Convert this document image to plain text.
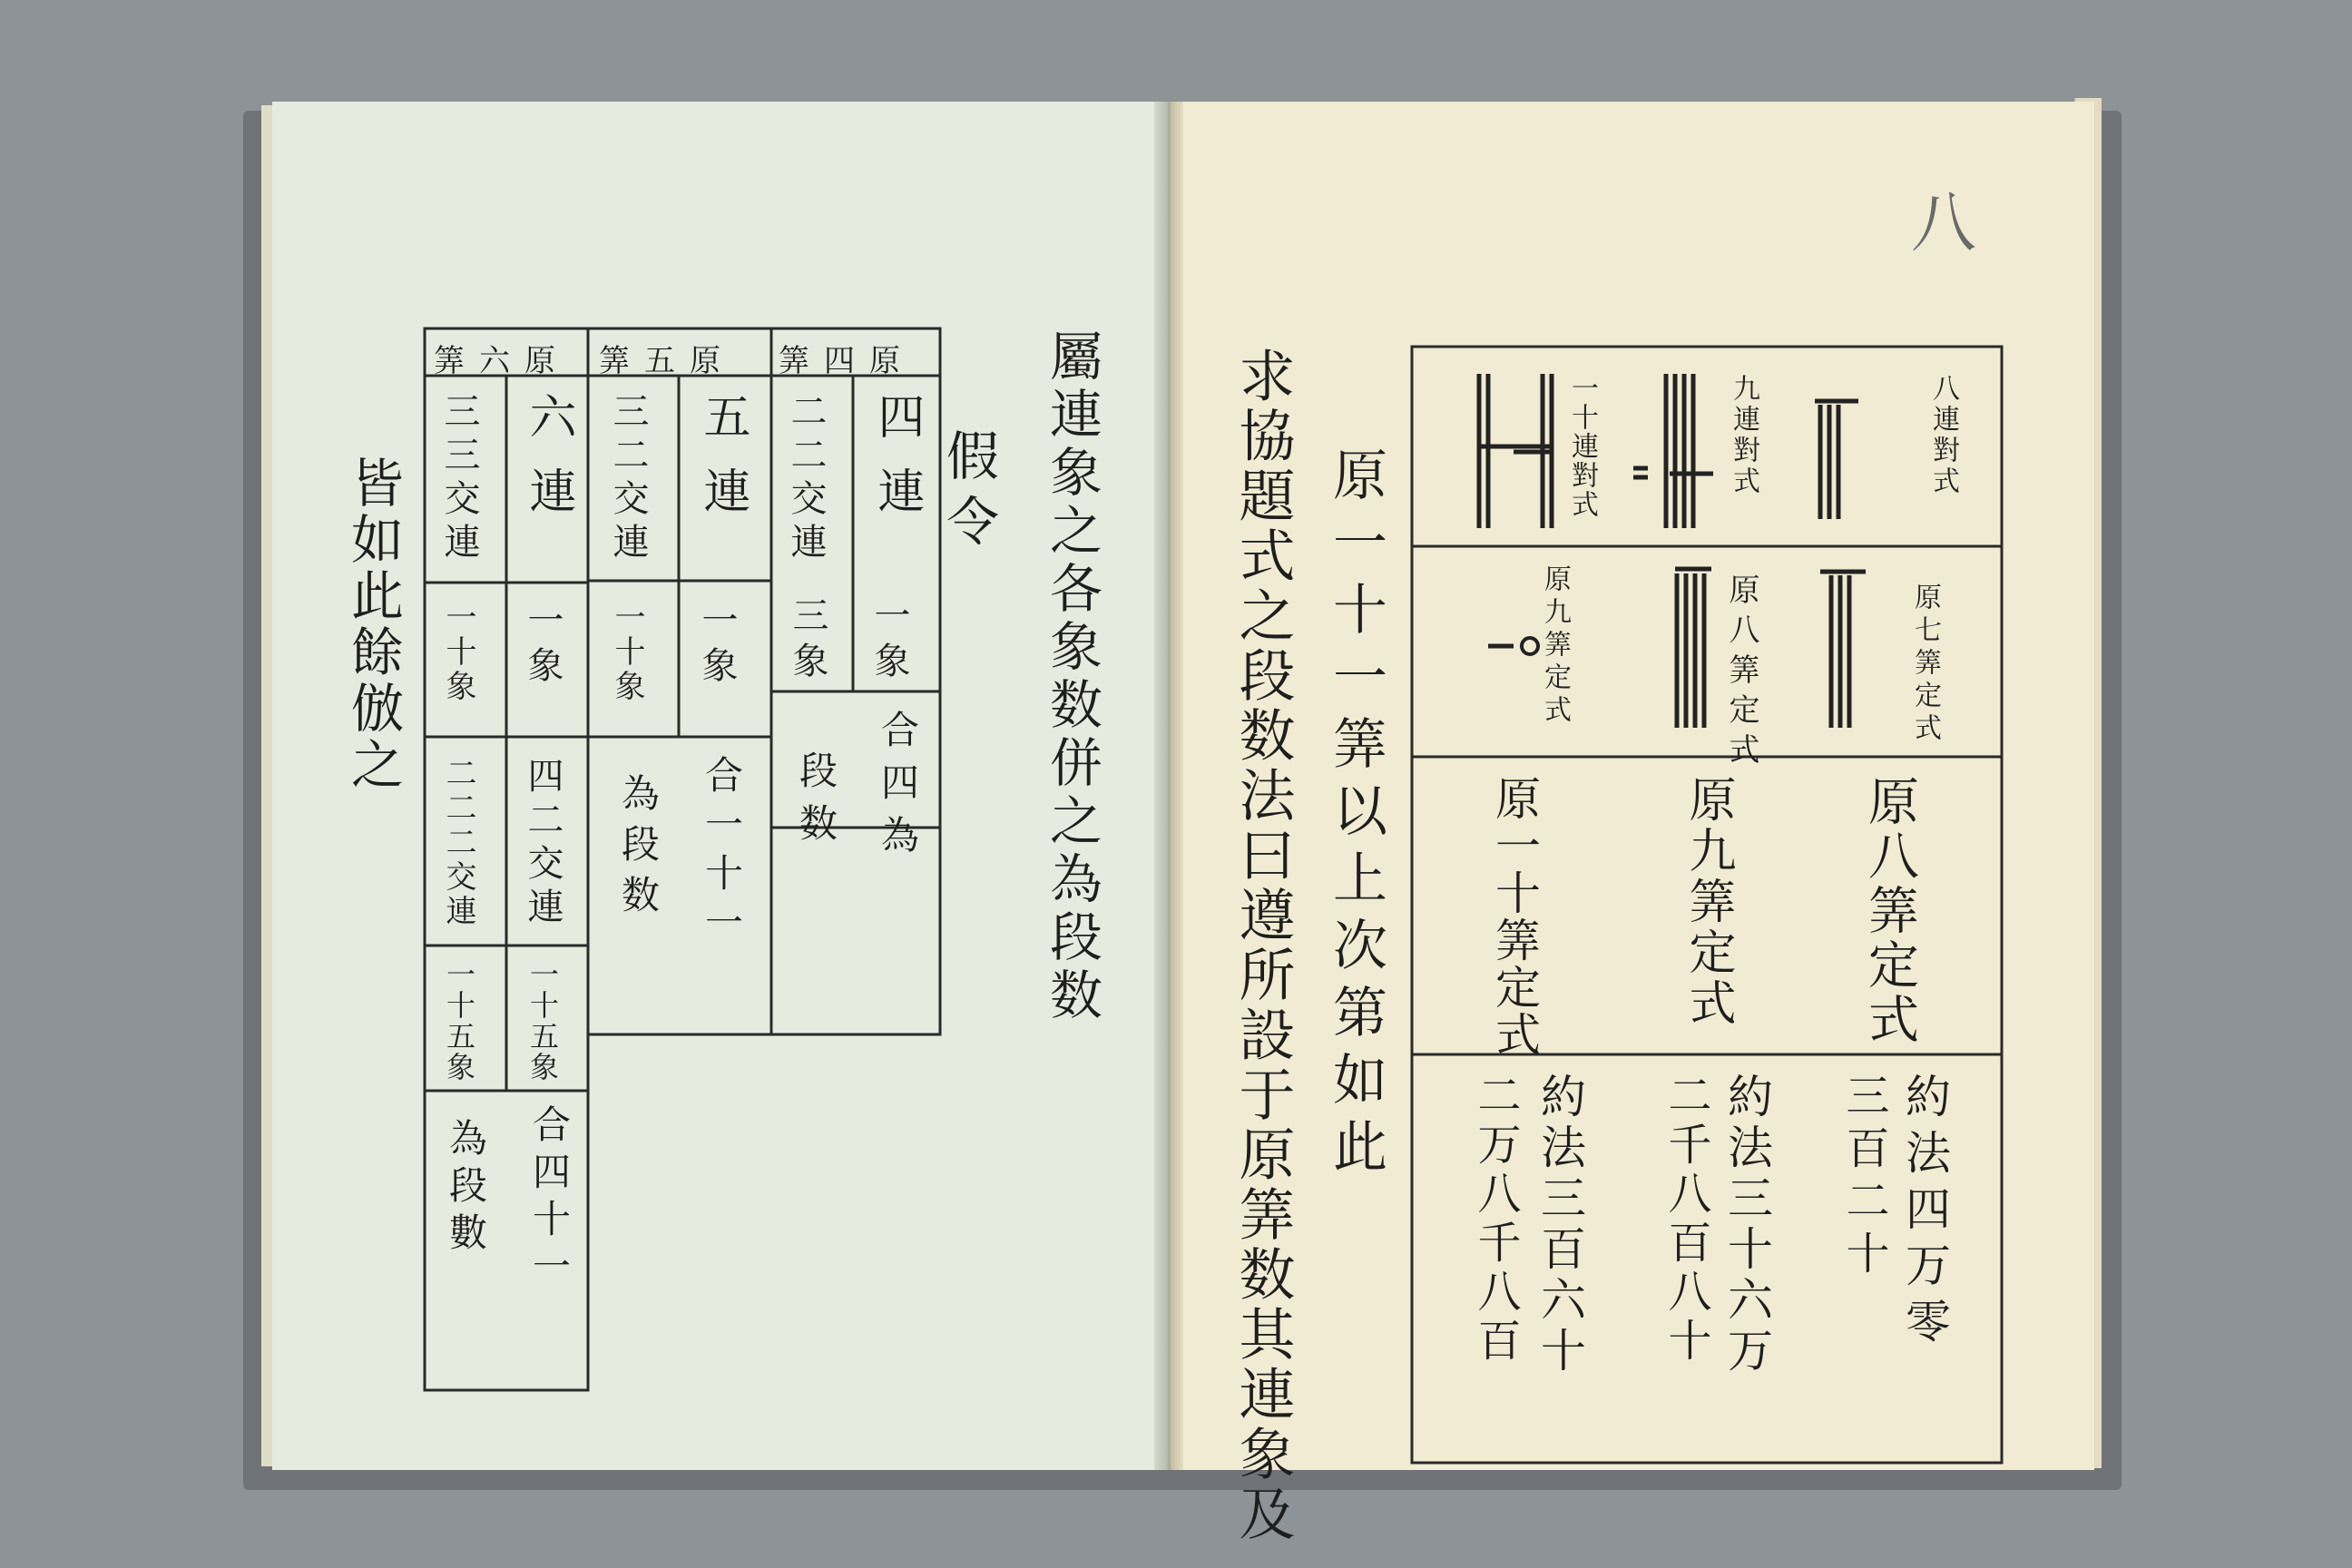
屬連象之各象数併之為段数
假令
皆如此餘倣之
原四筭
四連
二二交連
一象
三象
合四為
段数
原五筭
五連
三二交連
一象
一十象
合一十一
為段数
原六筭
六連
三三交連
一象
一十象
四二交連
二二二交連
一十五象
一十五象
合四十一
為段數	求協題式之段数法曰遵所設于原筭数其連象及 原一十一筭以上次第如此
八
八連對式
九連對式
一十連對式
原七筭定式
原八筭定式
原九筭定式
原八筭定式
原九筭定式
原一十筭定式
約法四万零
三百二十
約法三十六万
二千八百八十
約法三百六十
二万八千八百
